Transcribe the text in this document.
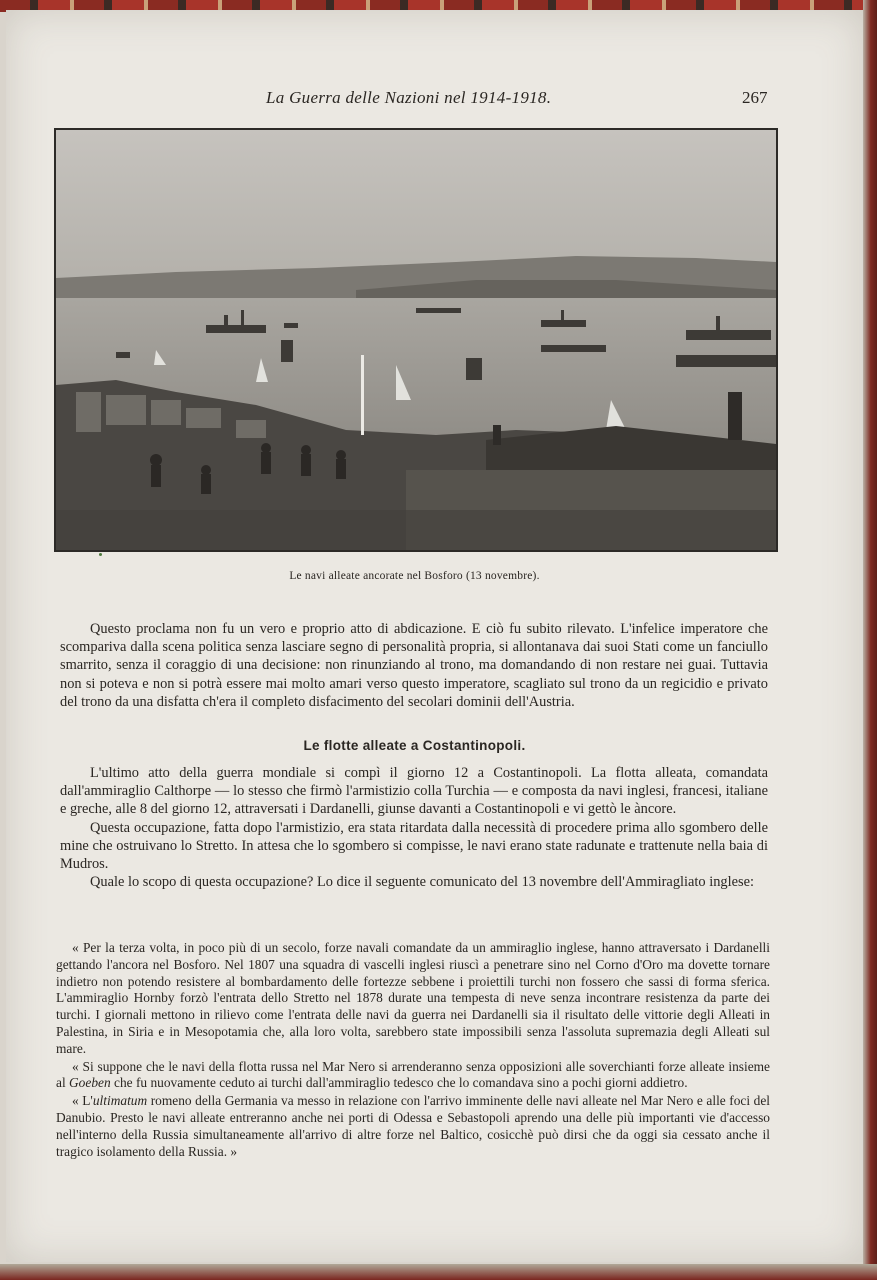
La Guerra delle Nazioni nel 1914-1918.	267
Le navi alleate ancorate nel Bosforo (13 novembre).

Questo proclama non fu un vero e proprio atto di abdicazione. E ciò fu subito rilevato. L'infelice imperatore che scompariva dalla scena politica senza lasciare segno di personalità propria, si allontanava dai suoi Stati come un fanciullo smarrito, senza il coraggio di una decisione: non rinunziando al trono, ma domandando di non restare nei guai. Tuttavia non si poteva e non si potrà essere mai molto amari verso questo imperatore, scagliato sul trono da un regicidio e privato del trono da una disfatta ch'era il completo disfacimento del secolari dominii dell'Austria.

Le flotte alleate a Costantinopoli.

L'ultimo atto della guerra mondiale si compì il giorno 12 a Costantinopoli. La flotta alleata, comandata dall'ammiraglio Calthorpe — lo stesso che firmò l'armistizio colla Turchia — e composta da navi inglesi, francesi, italiane e greche, alle 8 del giorno 12, attraversati i Dardanelli, giunse davanti a Costantinopoli e vi gettò le àncore.

Questa occupazione, fatta dopo l'armistizio, era stata ritardata dalla necessità di procedere prima allo sgombero delle mine che ostruivano lo Stretto. In attesa che lo sgombero si compisse, le navi erano state radunate e trattenute nella baia di Mudros.

Quale lo scopo di questa occupazione? Lo dice il seguente comunicato del 13 novembre dell'Ammiragliato inglese:

« Per la terza volta, in poco più di un secolo, forze navali comandate da un ammiraglio inglese, hanno attraversato i Dardanelli gettando l'ancora nel Bosforo. Nel 1807 una squadra di vascelli inglesi riuscì a penetrare sino nel Corno d'Oro ma dovette tornare indietro non potendo resistere al bombardamento delle fortezze sebbene i proiettili turchi non fossero che sassi di forma sferica. L'ammiraglio Hornby forzò l'entrata dello Stretto nel 1878 durate una tempesta di neve senza incontrare resistenza da parte dei turchi. I giornali mettono in rilievo come l'entrata delle navi da guerra nei Dardanelli sia il risultato delle vittorie degli Alleati in Palestina, in Siria e in Mesopotamia che, alla loro volta, sarebbero state impossibili senza l'assoluta supremazia degli Alleati sul mare.

« Si suppone che le navi della flotta russa nel Mar Nero si arrenderanno senza opposizioni alle soverchianti forze alleate insieme al Goeben che fu nuovamente ceduto ai turchi dall'ammiraglio tedesco che lo comandava sino a pochi giorni addietro.

« L'ultimatum romeno della Germania va messo in relazione con l'arrivo imminente delle navi alleate nel Mar Nero e alle foci del Danubio. Presto le navi alleate entreranno anche nei porti di Odessa e Sebastopoli aprendo una delle più importanti vie d'accesso nell'interno della Russia simultaneamente all'arrivo di altre forze nel Baltico, cosicchè può dirsi che da oggi sia cessato anche il tragico isolamento della Russia. »
